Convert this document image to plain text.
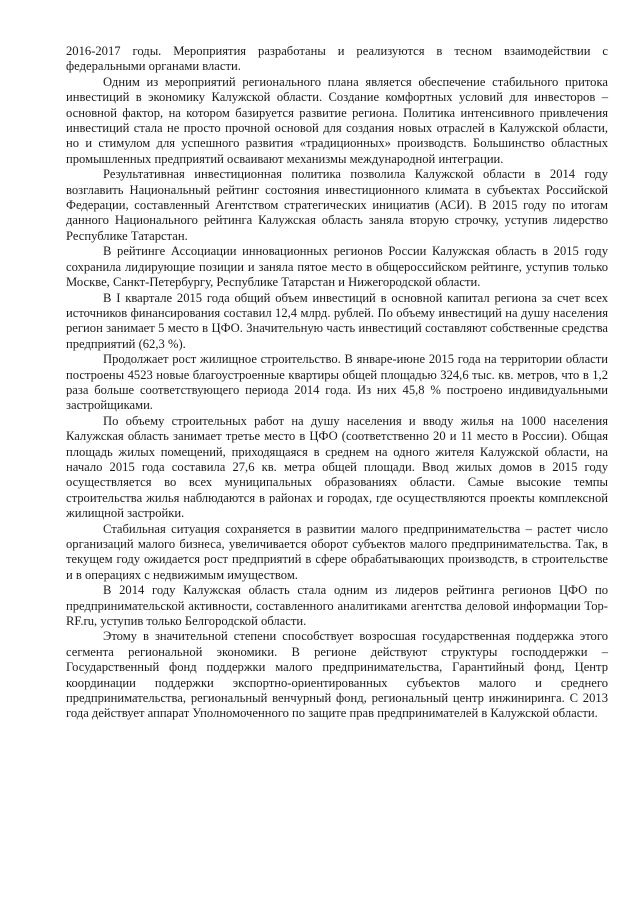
2016-2017 годы. Мероприятия разработаны и реализуются в тесном взаимодействии с федеральными органами власти.

Одним из мероприятий регионального плана является обеспечение стабильного притока инвестиций в экономику Калужской области. Создание комфортных условий для инвесторов – основной фактор, на котором базируется развитие региона. Политика интенсивного привлечения инвестиций стала не просто прочной основой для создания новых отраслей в Калужской области, но и стимулом для успешного развития «традиционных» производств. Большинство областных промышленных предприятий осваивают механизмы международной интеграции.

Результативная инвестиционная политика позволила Калужской области в 2014 году возглавить Национальный рейтинг состояния инвестиционного климата в субъектах Российской Федерации, составленный Агентством стратегических инициатив (АСИ). В 2015 году по итогам данного Национального рейтинга Калужская область заняла вторую строчку, уступив лидерство Республике Татарстан.

В рейтинге Ассоциации инновационных регионов России Калужская область в 2015 году сохранила лидирующие позиции и заняла пятое место в общероссийском рейтинге, уступив только Москве, Санкт-Петербургу, Республике Татарстан и Нижегородской области.

В I квартале 2015 года общий объем инвестиций в основной капитал региона за счет всех источников финансирования составил 12,4 млрд. рублей. По объему инвестиций на душу населения регион занимает 5 место в ЦФО. Значительную часть инвестиций составляют собственные средства предприятий (62,3 %).

Продолжает рост жилищное строительство. В январе-июне 2015 года на территории области построены 4523 новые благоустроенные квартиры общей площадью 324,6 тыс. кв. метров, что в 1,2 раза больше соответствующего периода 2014 года. Из них 45,8 % построено индивидуальными застройщиками.

По объему строительных работ на душу населения и вводу жилья на 1000 населения Калужская область занимает третье место в ЦФО (соответственно 20 и 11 место в России). Общая площадь жилых помещений, приходящаяся в среднем на одного жителя Калужской области, на начало 2015 года составила 27,6 кв. метра общей площади. Ввод жилых домов в 2015 году осуществляется во всех муниципальных образованиях области. Самые высокие темпы строительства жилья наблюдаются в районах и городах, где осуществляются проекты комплексной жилищной застройки.

Стабильная ситуация сохраняется в развитии малого предпринимательства – растет число организаций малого бизнеса, увеличивается оборот субъектов малого предпринимательства. Так, в текущем году ожидается рост предприятий в сфере обрабатывающих производств, в строительстве и в операциях с недвижимым имуществом.

В 2014 году Калужская область стала одним из лидеров рейтинга регионов ЦФО по предпринимательской активности, составленного аналитиками агентства деловой информации Top-RF.ru, уступив только Белгородской области.

Этому в значительной степени способствует возросшая государственная поддержка этого сегмента региональной экономики. В регионе действуют структуры господдержки – Государственный фонд поддержки малого предпринимательства, Гарантийный фонд, Центр координации поддержки экспортно-ориентированных субъектов малого и среднего предпринимательства, региональный венчурный фонд, региональный центр инжиниринга. С 2013 года действует аппарат Уполномоченного по защите прав предпринимателей в Калужской области.
